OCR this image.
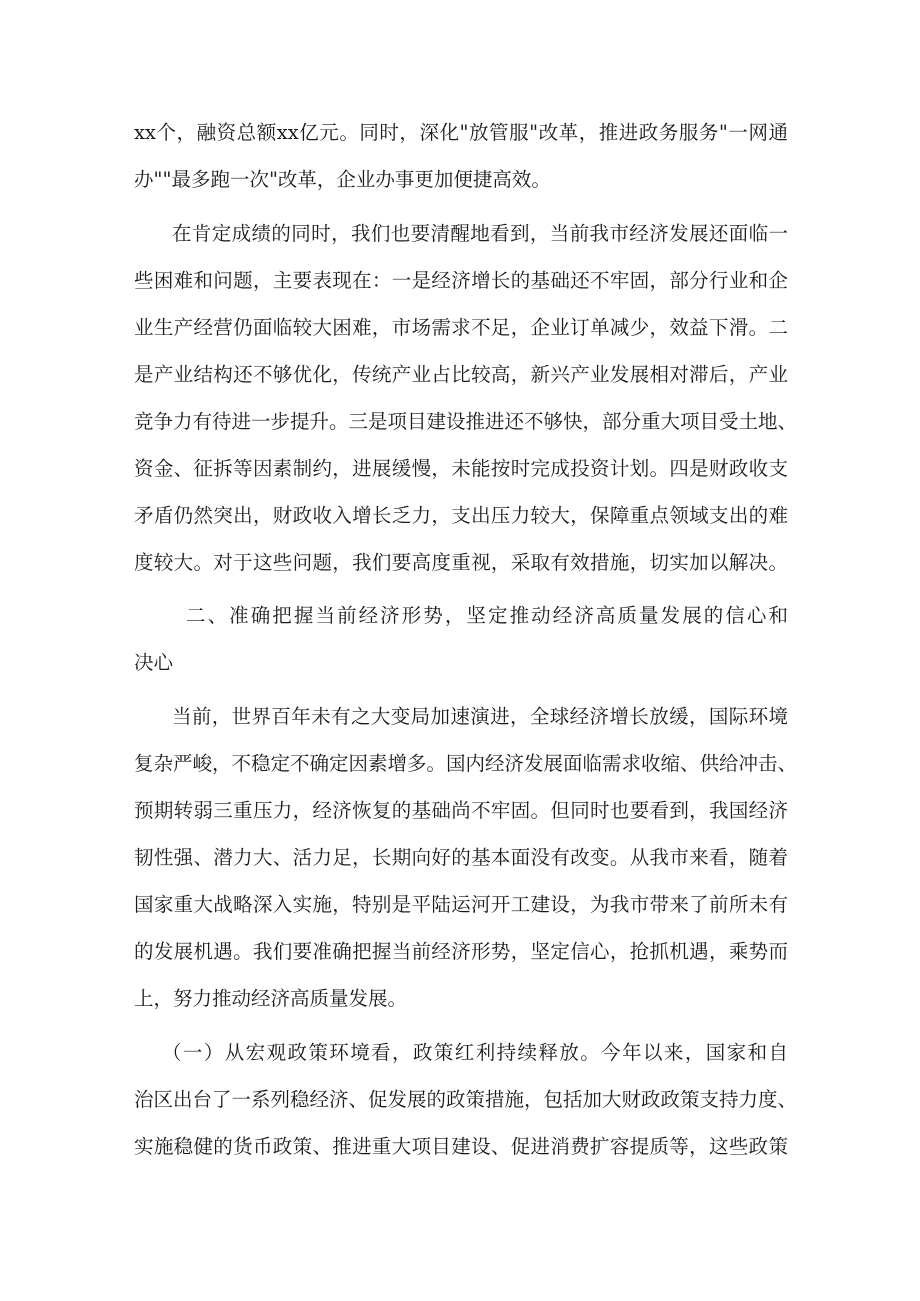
xx个，融资总额xx亿元。同时，深化"放管服"改革，推进政务服务"一网通
办""最多跑一次"改革，企业办事更加便捷高效。
在肯定成绩的同时，我们也要清醒地看到，当前我市经济发展还面临一
些困难和问题，主要表现在：一是经济增长的基础还不牢固，部分行业和企
业生产经营仍面临较大困难，市场需求不足，企业订单减少，效益下滑。二
是产业结构还不够优化，传统产业占比较高，新兴产业发展相对滞后，产业
竞争力有待进一步提升。三是项目建设推进还不够快，部分重大项目受土地、
资金、征拆等因素制约，进展缓慢，未能按时完成投资计划。四是财政收支
矛盾仍然突出，财政收入增长乏力，支出压力较大，保障重点领域支出的难
度较大。对于这些问题，我们要高度重视，采取有效措施，切实加以解决。
二、准确把握当前经济形势，坚定推动经济高质量发展的信心和
决心
当前，世界百年未有之大变局加速演进，全球经济增长放缓，国际环境
复杂严峻，不稳定不确定因素增多。国内经济发展面临需求收缩、供给冲击、
预期转弱三重压力，经济恢复的基础尚不牢固。但同时也要看到，我国经济
韧性强、潜力大、活力足，长期向好的基本面没有改变。从我市来看，随着
国家重大战略深入实施，特别是平陆运河开工建设，为我市带来了前所未有
的发展机遇。我们要准确把握当前经济形势，坚定信心，抢抓机遇，乘势而
上，努力推动经济高质量发展。
（一）从宏观政策环境看，政策红利持续释放。今年以来，国家和自
治区出台了一系列稳经济、促发展的政策措施，包括加大财政政策支持力度、
实施稳健的货币政策、推进重大项目建设、促进消费扩容提质等，这些政策
